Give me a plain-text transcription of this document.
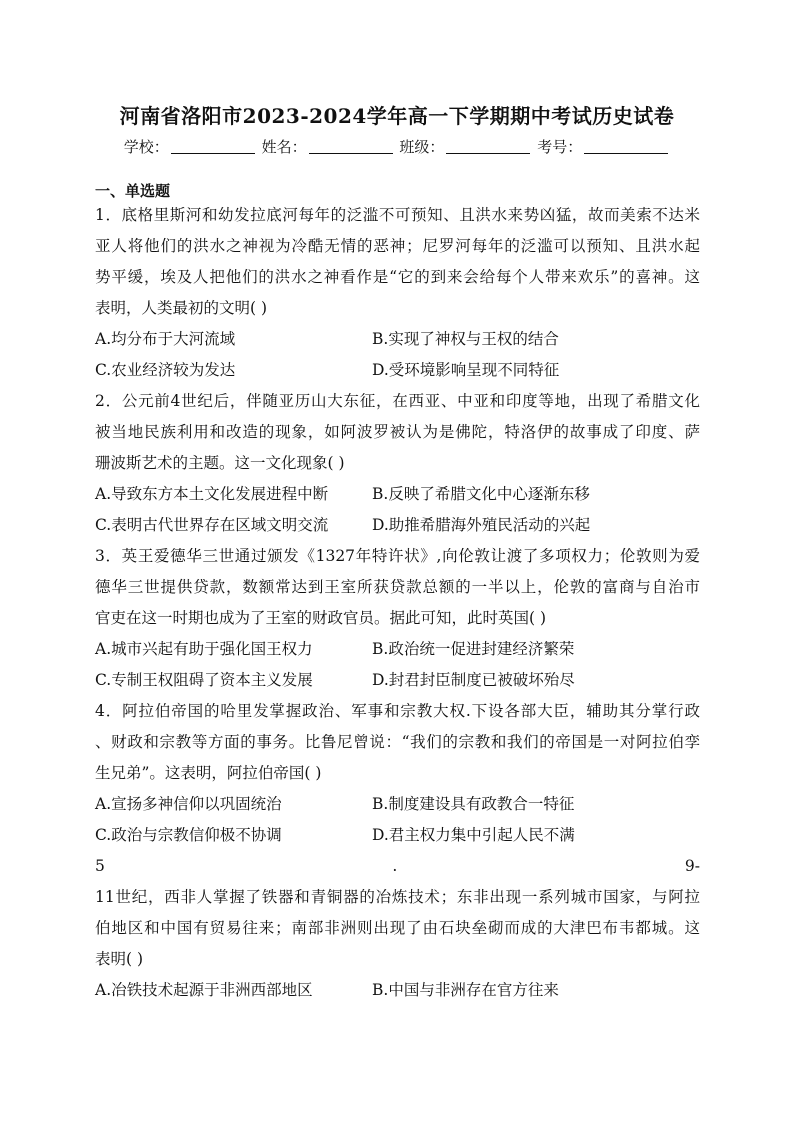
河南省洛阳市2023-2024学年高一下学期期中考试历史试卷
学校：	姓名：	班级：	考号：
一、单选题
1．底格里斯河和幼发拉底河每年的泛滥不可预知、且洪水来势凶猛，故而美索不达米
亚人将他们的洪水之神视为冷酷无情的恶神；尼罗河每年的泛滥可以预知、且洪水起
势平缓，埃及人把他们的洪水之神看作是“它的到来会给每个人带来欢乐”的喜神。这
表明，人类最初的文明( )
A.均分布于大河流域	B.实现了神权与王权的结合
C.农业经济较为发达	D.受环境影响呈现不同特征
2．公元前4世纪后，伴随亚历山大东征，在西亚、中亚和印度等地，出现了希腊文化
被当地民族利用和改造的现象，如阿波罗被认为是佛陀，特洛伊的故事成了印度、萨
珊波斯艺术的主题。这一文化现象( )
A.导致东方本土文化发展进程中断	B.反映了希腊文化中心逐渐东移
C.表明古代世界存在区域文明交流	D.助推希腊海外殖民活动的兴起
3．英王爱德华三世通过颁发《1327年特许状》,向伦敦让渡了多项权力；伦敦则为爱
德华三世提供贷款，数额常达到王室所获贷款总额的一半以上，伦敦的富商与自治市
官吏在这一时期也成为了王室的财政官员。据此可知，此时英国( )
A.城市兴起有助于强化国王权力	B.政治统一促进封建经济繁荣
C.专制王权阻碍了资本主义发展	D.封君封臣制度已被破坏殆尽
4．阿拉伯帝国的哈里发掌握政治、军事和宗教大权.下设各部大臣，辅助其分掌行政
、财政和宗教等方面的事务。比鲁尼曾说：“我们的宗教和我们的帝国是一对阿拉伯孪
生兄弟”。这表明，阿拉伯帝国( )
A.宣扬多神信仰以巩固统治	B.制度建设具有政教合一特征
C.政治与宗教信仰极不协调	D.君主权力集中引起人民不满
5	.	9-
11世纪，西非人掌握了铁器和青铜器的冶炼技术；东非出现一系列城市国家，与阿拉
伯地区和中国有贸易往来；南部非洲则出现了由石块垒砌而成的大津巴布韦都城。这
表明( )
A.冶铁技术起源于非洲西部地区	B.中国与非洲存在官方往来
